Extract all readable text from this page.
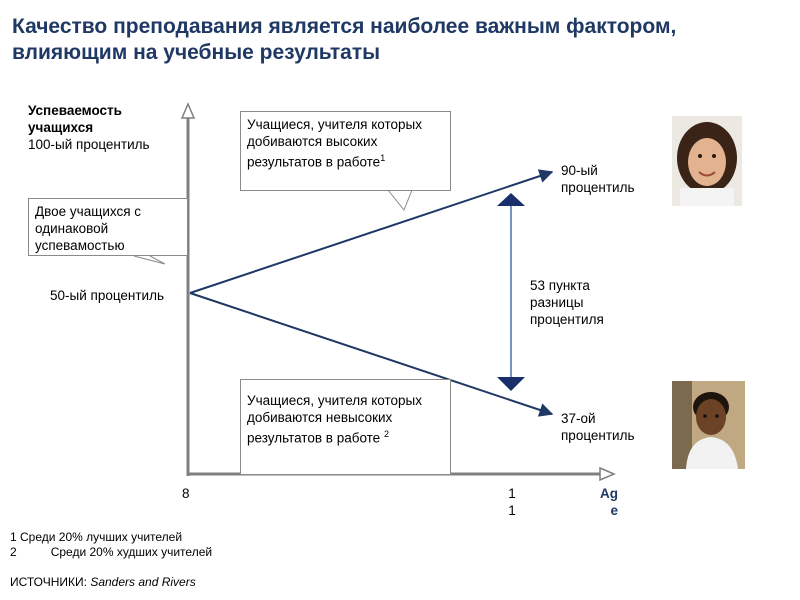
Качество преподавания является наиболее важным фактором, влияющим на учебные результаты
Успеваемость учащихся
100-ый процентиль
Двое учащихся с одинаковой успевамостью
50-ый процентиль
Учащиеся, учителя которых добиваются высоких результатов в работе$^1$
Учащиеся, учителя которых добиваются невысоких результатов в работе $^2$
90-ый процентиль
37-ой процентиль
53 пункта разницы процентиля
8	1
1
Ag
e
1 Среди 20% лучших учителей
2	Среди 20% худших учителей
ИСТОЧНИКИ: Sanders and Rivers
